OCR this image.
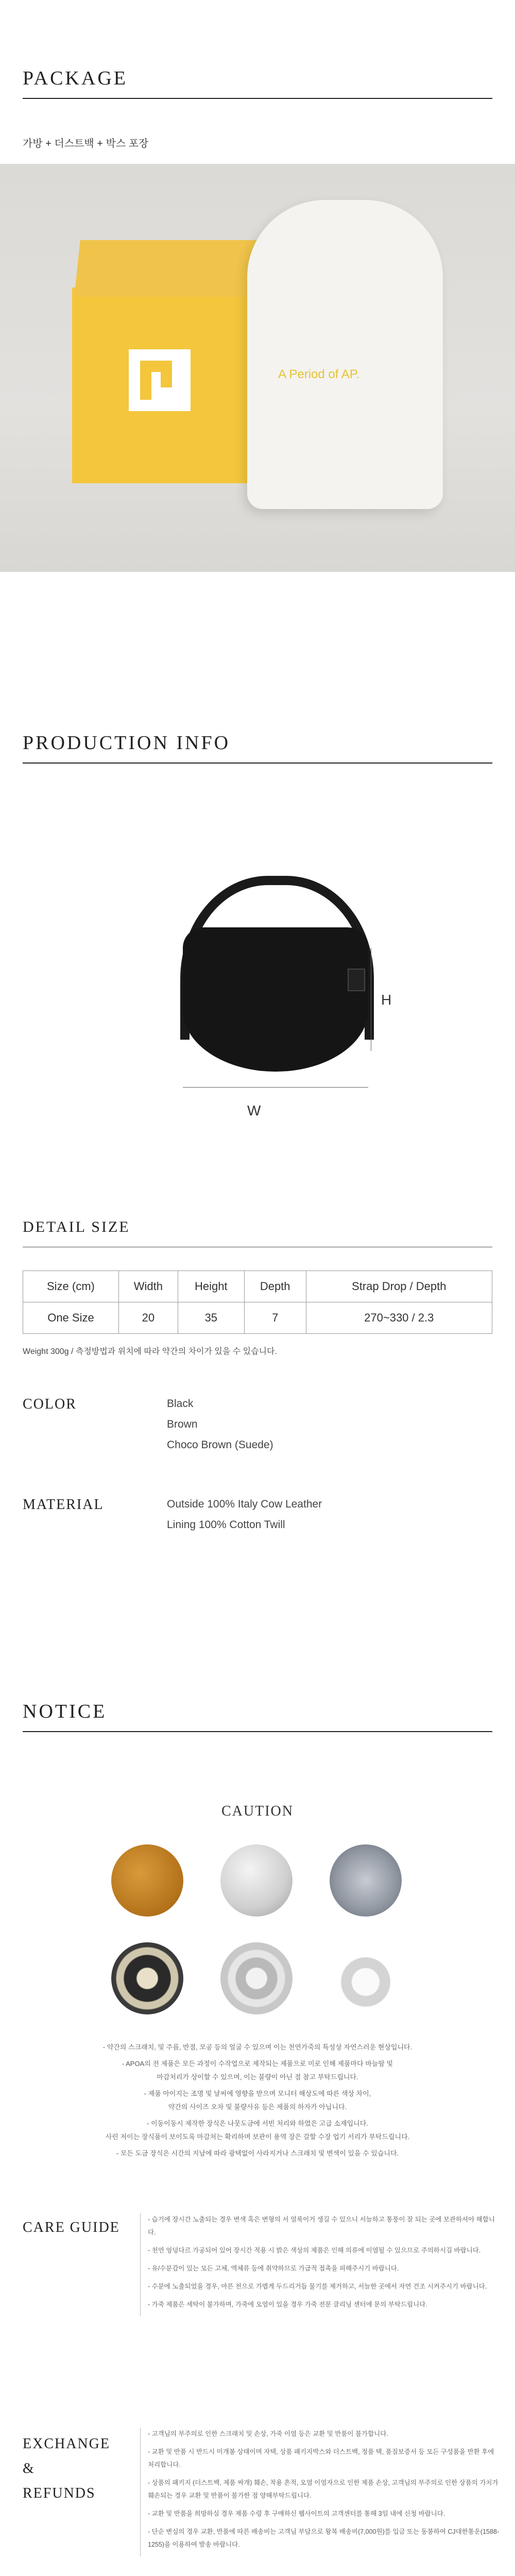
PACKAGE
가방 + 더스트백 + 박스 포장
A Period of AP.
PRODUCTION INFO
H
W
DETAIL SIZE
Size (cm)	Width	Height	Depth	Strap Drop / Depth
One Size	20	35	7	270~330 / 2.3
Weight 300g / 측정방법과 위치에 따라 약간의 차이가 있을 수 있습니다.
COLOR	Black
Brown
Choco Brown (Suede)
MATERIAL	Outside 100% Italy Cow Leather
Lining 100% Cotton Twill
NOTICE
CAUTION
- 약간의 스크래치, 및 주름, 반점, 모공 등의 얼굴 수 있으며 이는 천연가죽의 특성상 자연스러운 현상입니다.
- APOA의 전 제품은 모든 과정이 수작업으로 제작되는 제품으로 미로 인해 제품마다 바늘땀 및
마감처리가 상이할 수 있으며, 이는 불량이 아닌 점 참고 부탁드립니다.
- 제품 아이지는 조명 및 날씨에 영향을 받으며 모니터 해상도에 따른 색상 차이,
약간의 사이즈 오차 및 불량사유 등은 제품의 하자가 아닙니다.
- 이동이동시 제작한 장식은 나뭇도금에 서빈 처리와 하였은 고급 소재입니다.
사린 저이는 장식품이 보이도록 마감처는 확리하며 보관이 용역 장은 갈할 수장 업기 서리가 부탁드립니다.
- 모든 도금 장식은 시간의 지남에 따라 광택없이 사라지거나 스크래치 및 변색이 있을 수 있습니다.
CARE GUIDE	- 습기에 장시간 노출되는 경우 변색 혹은 변형의 서 얼룩이거 생길 수 있으니 서늘하고 통풍이 잘 되는 곳에 보관하셔야 해합니다.

- 천연 엉덩다르 가공되어 있어 장시간 적용 시 밝은 색상의 제품은 인해 의류에 이염될 수 있으므로 주의하시길 바랍니다.

- 유/수분감이 있는 모든 고체, 액체류 등에 취약하므로 가급적 접촉을 피해주시기 바랍니다.

- 수분에 노출되었을 경우, 마른 천으로 가볍게 두드리거듭 물기를 제거하고, 서늘한 곳에서 자연 건조 시켜주시기 바랍니다.

- 가죽 제품은 세탁이 불가하며, 가죽에 오염이 있을 경우 가죽 전문 클리닝 센터에 문의 부탁드립니다.

EXCHANGE
&
REFUNDS

- 고객님의 부주의로 인한 스크래치 및 손상, 가죽 이염 등은 교환 및 반품이 불가합니다.

- 교환 및 반품 시 반드시 미개봉 상태이며 자택, 상품 패키지박스와 더스트백, 정품 택, 품질보증서 등 모든 구성품을 반환 후에 처리합니다.

- 상품의 패키지 (더스트백, 제품 싸개) 훼손, 착용 흔적, 오염 이염자으로 인한 제품 손상, 고객님의 부주의로 인한 상품의 가치가 훼손되는 경우 교환 및 반품이 불가한 점 양해부탁드립니다.

- 교환 및 반품을 희망하실 경우 제품 수령 후 구매하신 웹사이트의 고객센터를 통해 3일 내에 신청 바랍니다.

- 단순 변심의 경우 교환, 반품에 따른 배송비는 고객님 부담으로 왕복 배송비(7,000원)를 입금 또는 동봉하여 CJ대한통운(1588-1255)을 이용하여 발송 바랍니다.
